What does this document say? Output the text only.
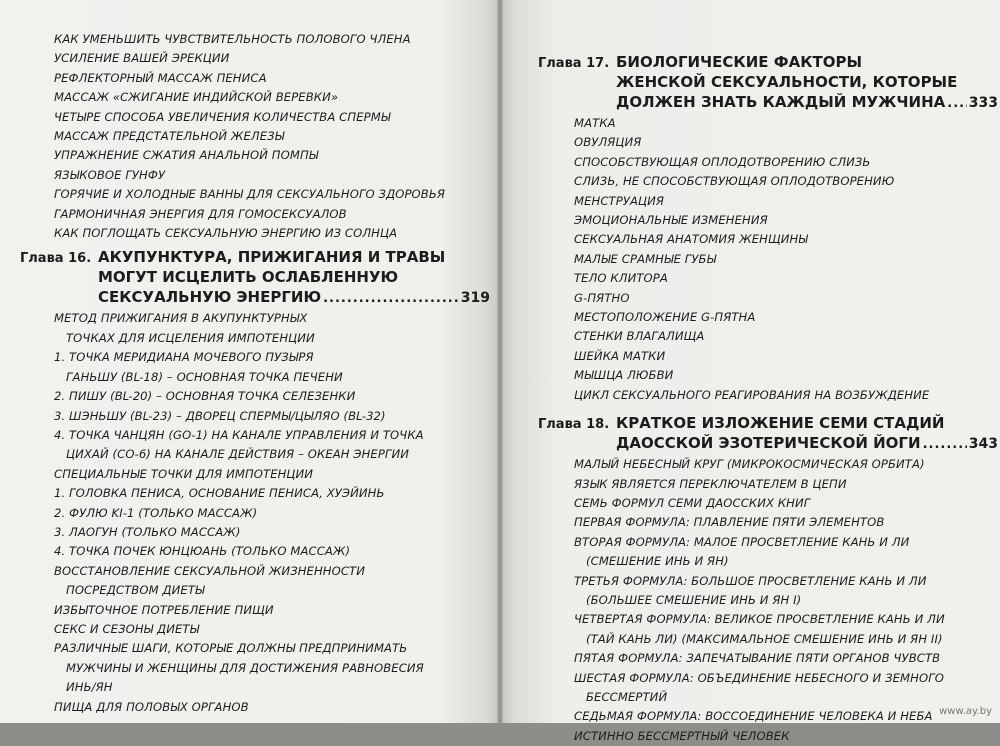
КАК УМЕНЬШИТЬ ЧУВСТВИТЕЛЬНОСТЬ ПОЛОВОГО ЧЛЕНА
УСИЛЕНИЕ ВАШЕЙ ЭРЕКЦИИ
РЕФЛЕКТОРНЫЙ МАССАЖ ПЕНИСА
МАССАЖ «СЖИГАНИЕ ИНДИЙСКОЙ ВЕРЕВКИ»
ЧЕТЫРЕ СПОСОБА УВЕЛИЧЕНИЯ КОЛИЧЕСТВА СПЕРМЫ
МАССАЖ ПРЕДСТАТЕЛЬНОЙ ЖЕЛЕЗЫ
УПРАЖНЕНИЕ СЖАТИЯ АНАЛЬНОЙ ПОМПЫ
ЯЗЫКОВОЕ ГУНФУ
ГОРЯЧИЕ И ХОЛОДНЫЕ ВАННЫ ДЛЯ СЕКСУАЛЬНОГО ЗДОРОВЬЯ
ГАРМОНИЧНАЯ ЭНЕРГИЯ ДЛЯ ГОМОСЕКСУАЛОВ
КАК ПОГЛОЩАТЬ СЕКСУАЛЬНУЮ ЭНЕРГИЮ ИЗ СОЛНЦА
Глава 16. АКУПУНКТУРА, ПРИЖИГАНИЯ И ТРАВЫ
МОГУТ ИСЦЕЛИТЬ ОСЛАБЛЕННУЮ
СЕКСУАЛЬНУЮ ЭНЕРГИЮ .....	319
МЕТОД ПРИЖИГАНИЯ В АКУПУНКТУРНЫХ
ТОЧКАХ ДЛЯ ИСЦЕЛЕНИЯ ИМПОТЕНЦИИ
1. ТОЧКА МЕРИДИАНА МОЧЕВОГО ПУЗЫРЯ
ГАНЬШУ (BL-18) – ОСНОВНАЯ ТОЧКА ПЕЧЕНИ
2. ПИШУ (BL-20) – ОСНОВНАЯ ТОЧКА СЕЛЕЗЕНКИ
3. ШЭНЬШУ (BL-23) – ДВОРЕЦ СПЕРМЫ/ЦЫЛЯО (BL-32)
4. ТОЧКА ЧАНЦЯН (GO-1) НА КАНАЛЕ УПРАВЛЕНИЯ И ТОЧКА
ЦИХАЙ (CO-6) НА КАНАЛЕ ДЕЙСТВИЯ – ОКЕАН ЭНЕРГИИ
СПЕЦИАЛЬНЫЕ ТОЧКИ ДЛЯ ИМПОТЕНЦИИ
1. ГОЛОВКА ПЕНИСА, ОСНОВАНИЕ ПЕНИСА, ХУЭЙИНЬ
2. ФУЛЮ KI-1 (ТОЛЬКО МАССАЖ)
3. ЛАОГУН (ТОЛЬКО МАССАЖ)
4. ТОЧКА ПОЧЕК ЮНЦЮАНЬ (ТОЛЬКО МАССАЖ)
ВОССТАНОВЛЕНИЕ СЕКСУАЛЬНОЙ ЖИЗНЕННОСТИ
ПОСРЕДСТВОМ ДИЕТЫ
ИЗБЫТОЧНОЕ ПОТРЕБЛЕНИЕ ПИЩИ
СЕКС И СЕЗОНЫ ДИЕТЫ
РАЗЛИЧНЫЕ ШАГИ, КОТОРЫЕ ДОЛЖНЫ ПРЕДПРИНИМАТЬ
МУЖЧИНЫ И ЖЕНЩИНЫ ДЛЯ ДОСТИЖЕНИЯ РАВНОВЕСИЯ
ИНЬ/ЯН
ПИЩА ДЛЯ ПОЛОВЫХ ОРГАНОВ
Глава 17. БИОЛОГИЧЕСКИЕ ФАКТОРЫ
ЖЕНСКОЙ СЕКСУАЛЬНОСТИ, КОТОРЫЕ
ДОЛЖЕН ЗНАТЬ КАЖДЫЙ МУЖЧИНА ..... 333
МАТКА
ОВУЛЯЦИЯ
СПОСОБСТВУЮЩАЯ ОПЛОДОТВОРЕНИЮ СЛИЗЬ
СЛИЗЬ, НЕ СПОСОБСТВУЮЩАЯ ОПЛОДОТВОРЕНИЮ
МЕНСТРУАЦИЯ
ЭМОЦИОНАЛЬНЫЕ ИЗМЕНЕНИЯ
СЕКСУАЛЬНАЯ АНАТОМИЯ ЖЕНЩИНЫ
МАЛЫЕ СРАМНЫЕ ГУБЫ
ТЕЛО КЛИТОРА
G-ПЯТНО
МЕСТОПОЛОЖЕНИЕ G-ПЯТНА
СТЕНКИ ВЛАГАЛИЩА
ШЕЙКА МАТКИ
МЫШЦА ЛЮБВИ
ЦИКЛ СЕКСУАЛЬНОГО РЕАГИРОВАНИЯ НА ВОЗБУЖДЕНИЕ
Глава 18. КРАТКОЕ ИЗЛОЖЕНИЕ СЕМИ СТАДИЙ
ДАОССКОЙ ЭЗОТЕРИЧЕСКОЙ ЙОГИ .....	343
МАЛЫЙ НЕБЕСНЫЙ КРУГ (МИКРОКОСМИЧЕСКАЯ ОРБИТА)
ЯЗЫК ЯВЛЯЕТСЯ ПЕРЕКЛЮЧАТЕЛЕМ В ЦЕПИ
СЕМЬ ФОРМУЛ СЕМИ ДАОССКИХ КНИГ
ПЕРВАЯ ФОРМУЛА: ПЛАВЛЕНИЕ ПЯТИ ЭЛЕМЕНТОВ
ВТОРАЯ ФОРМУЛА: МАЛОЕ ПРОСВЕТЛЕНИЕ КАНЬ И ЛИ
(СМЕШЕНИЕ ИНЬ И ЯН)
ТРЕТЬЯ ФОРМУЛА: БОЛЬШОЕ ПРОСВЕТЛЕНИЕ КАНЬ И ЛИ
(БОЛЬШЕЕ СМЕШЕНИЕ ИНЬ И ЯН I)
ЧЕТВЕРТАЯ ФОРМУЛА: ВЕЛИКОЕ ПРОСВЕТЛЕНИЕ КАНЬ И ЛИ
(ТАЙ КАНЬ ЛИ) (МАКСИМАЛЬНОЕ СМЕШЕНИЕ ИНЬ И ЯН II)
ПЯТАЯ ФОРМУЛА: ЗАПЕЧАТЫВАНИЕ ПЯТИ ОРГАНОВ ЧУВСТВ
ШЕСТАЯ ФОРМУЛА: ОБЪЕДИНЕНИЕ НЕБЕСНОГО И ЗЕМНОГО
БЕССМЕРТИЙ
СЕДЬМАЯ ФОРМУЛА: ВОССОЕДИНЕНИЕ ЧЕЛОВЕКА И НЕБА
ИСТИННО БЕССМЕРТНЫЙ ЧЕЛОВЕК
www.ay.by
